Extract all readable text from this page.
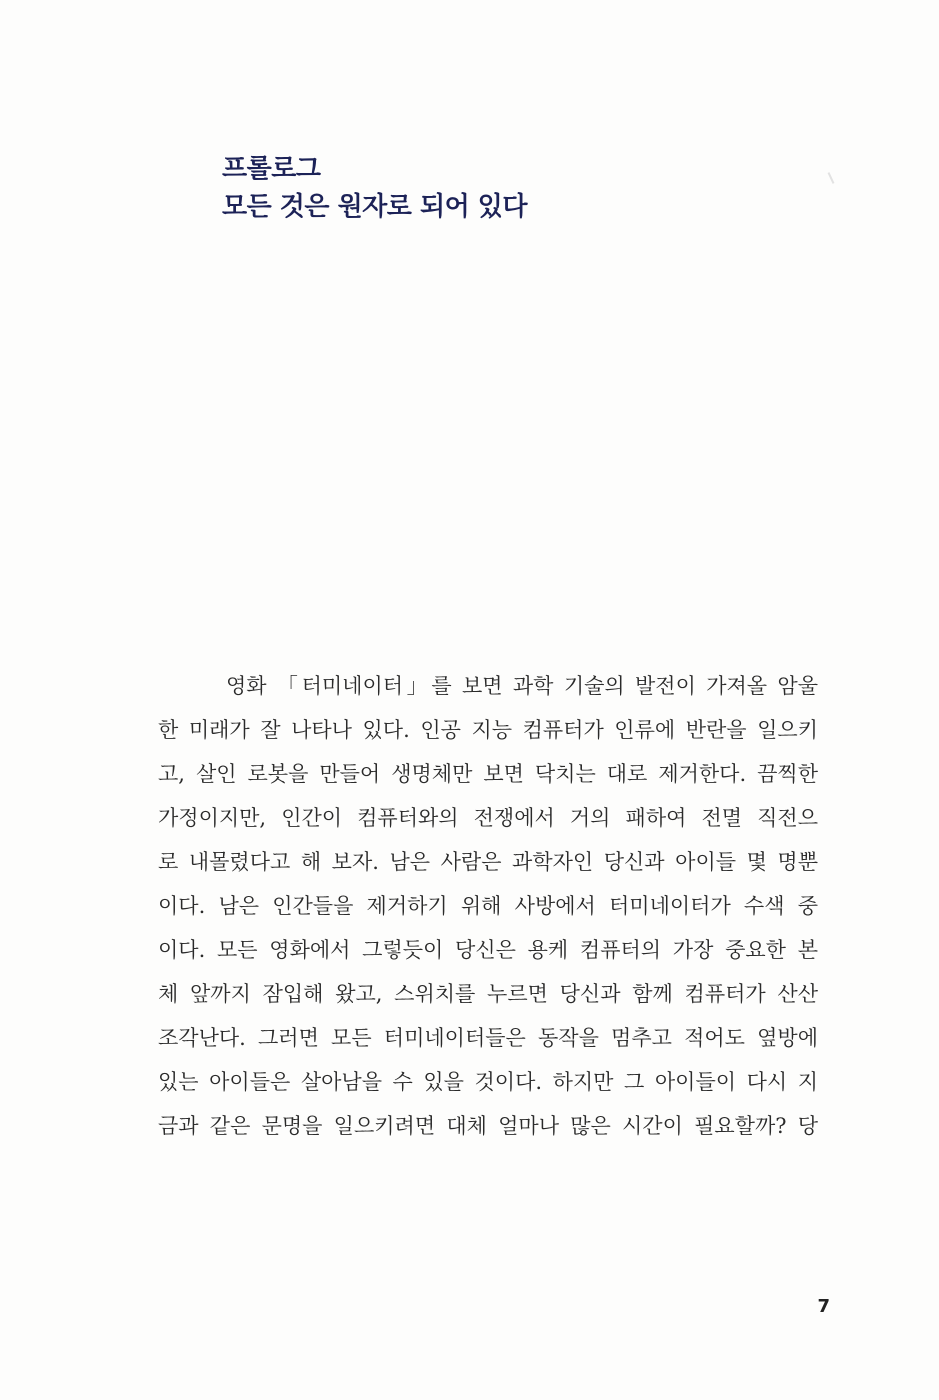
프롤로그
모든 것은 원자로 되어 있다
영화 「터미네이터」를 보면 과학 기술의 발전이 가져올 암울
한 미래가 잘 나타나 있다. 인공 지능 컴퓨터가 인류에 반란을 일으키
고, 살인 로봇을 만들어 생명체만 보면 닥치는 대로 제거한다. 끔찍한
가정이지만, 인간이 컴퓨터와의 전쟁에서 거의 패하여 전멸 직전으
로 내몰렸다고 해 보자. 남은 사람은 과학자인 당신과 아이들 몇 명뿐
이다. 남은 인간들을 제거하기 위해 사방에서 터미네이터가 수색 중
이다. 모든 영화에서 그렇듯이 당신은 용케 컴퓨터의 가장 중요한 본
체 앞까지 잠입해 왔고, 스위치를 누르면 당신과 함께 컴퓨터가 산산
조각난다. 그러면 모든 터미네이터들은 동작을 멈추고 적어도 옆방에
있는 아이들은 살아남을 수 있을 것이다. 하지만 그 아이들이 다시 지
금과 같은 문명을 일으키려면 대체 얼마나 많은 시간이 필요할까? 당
7
